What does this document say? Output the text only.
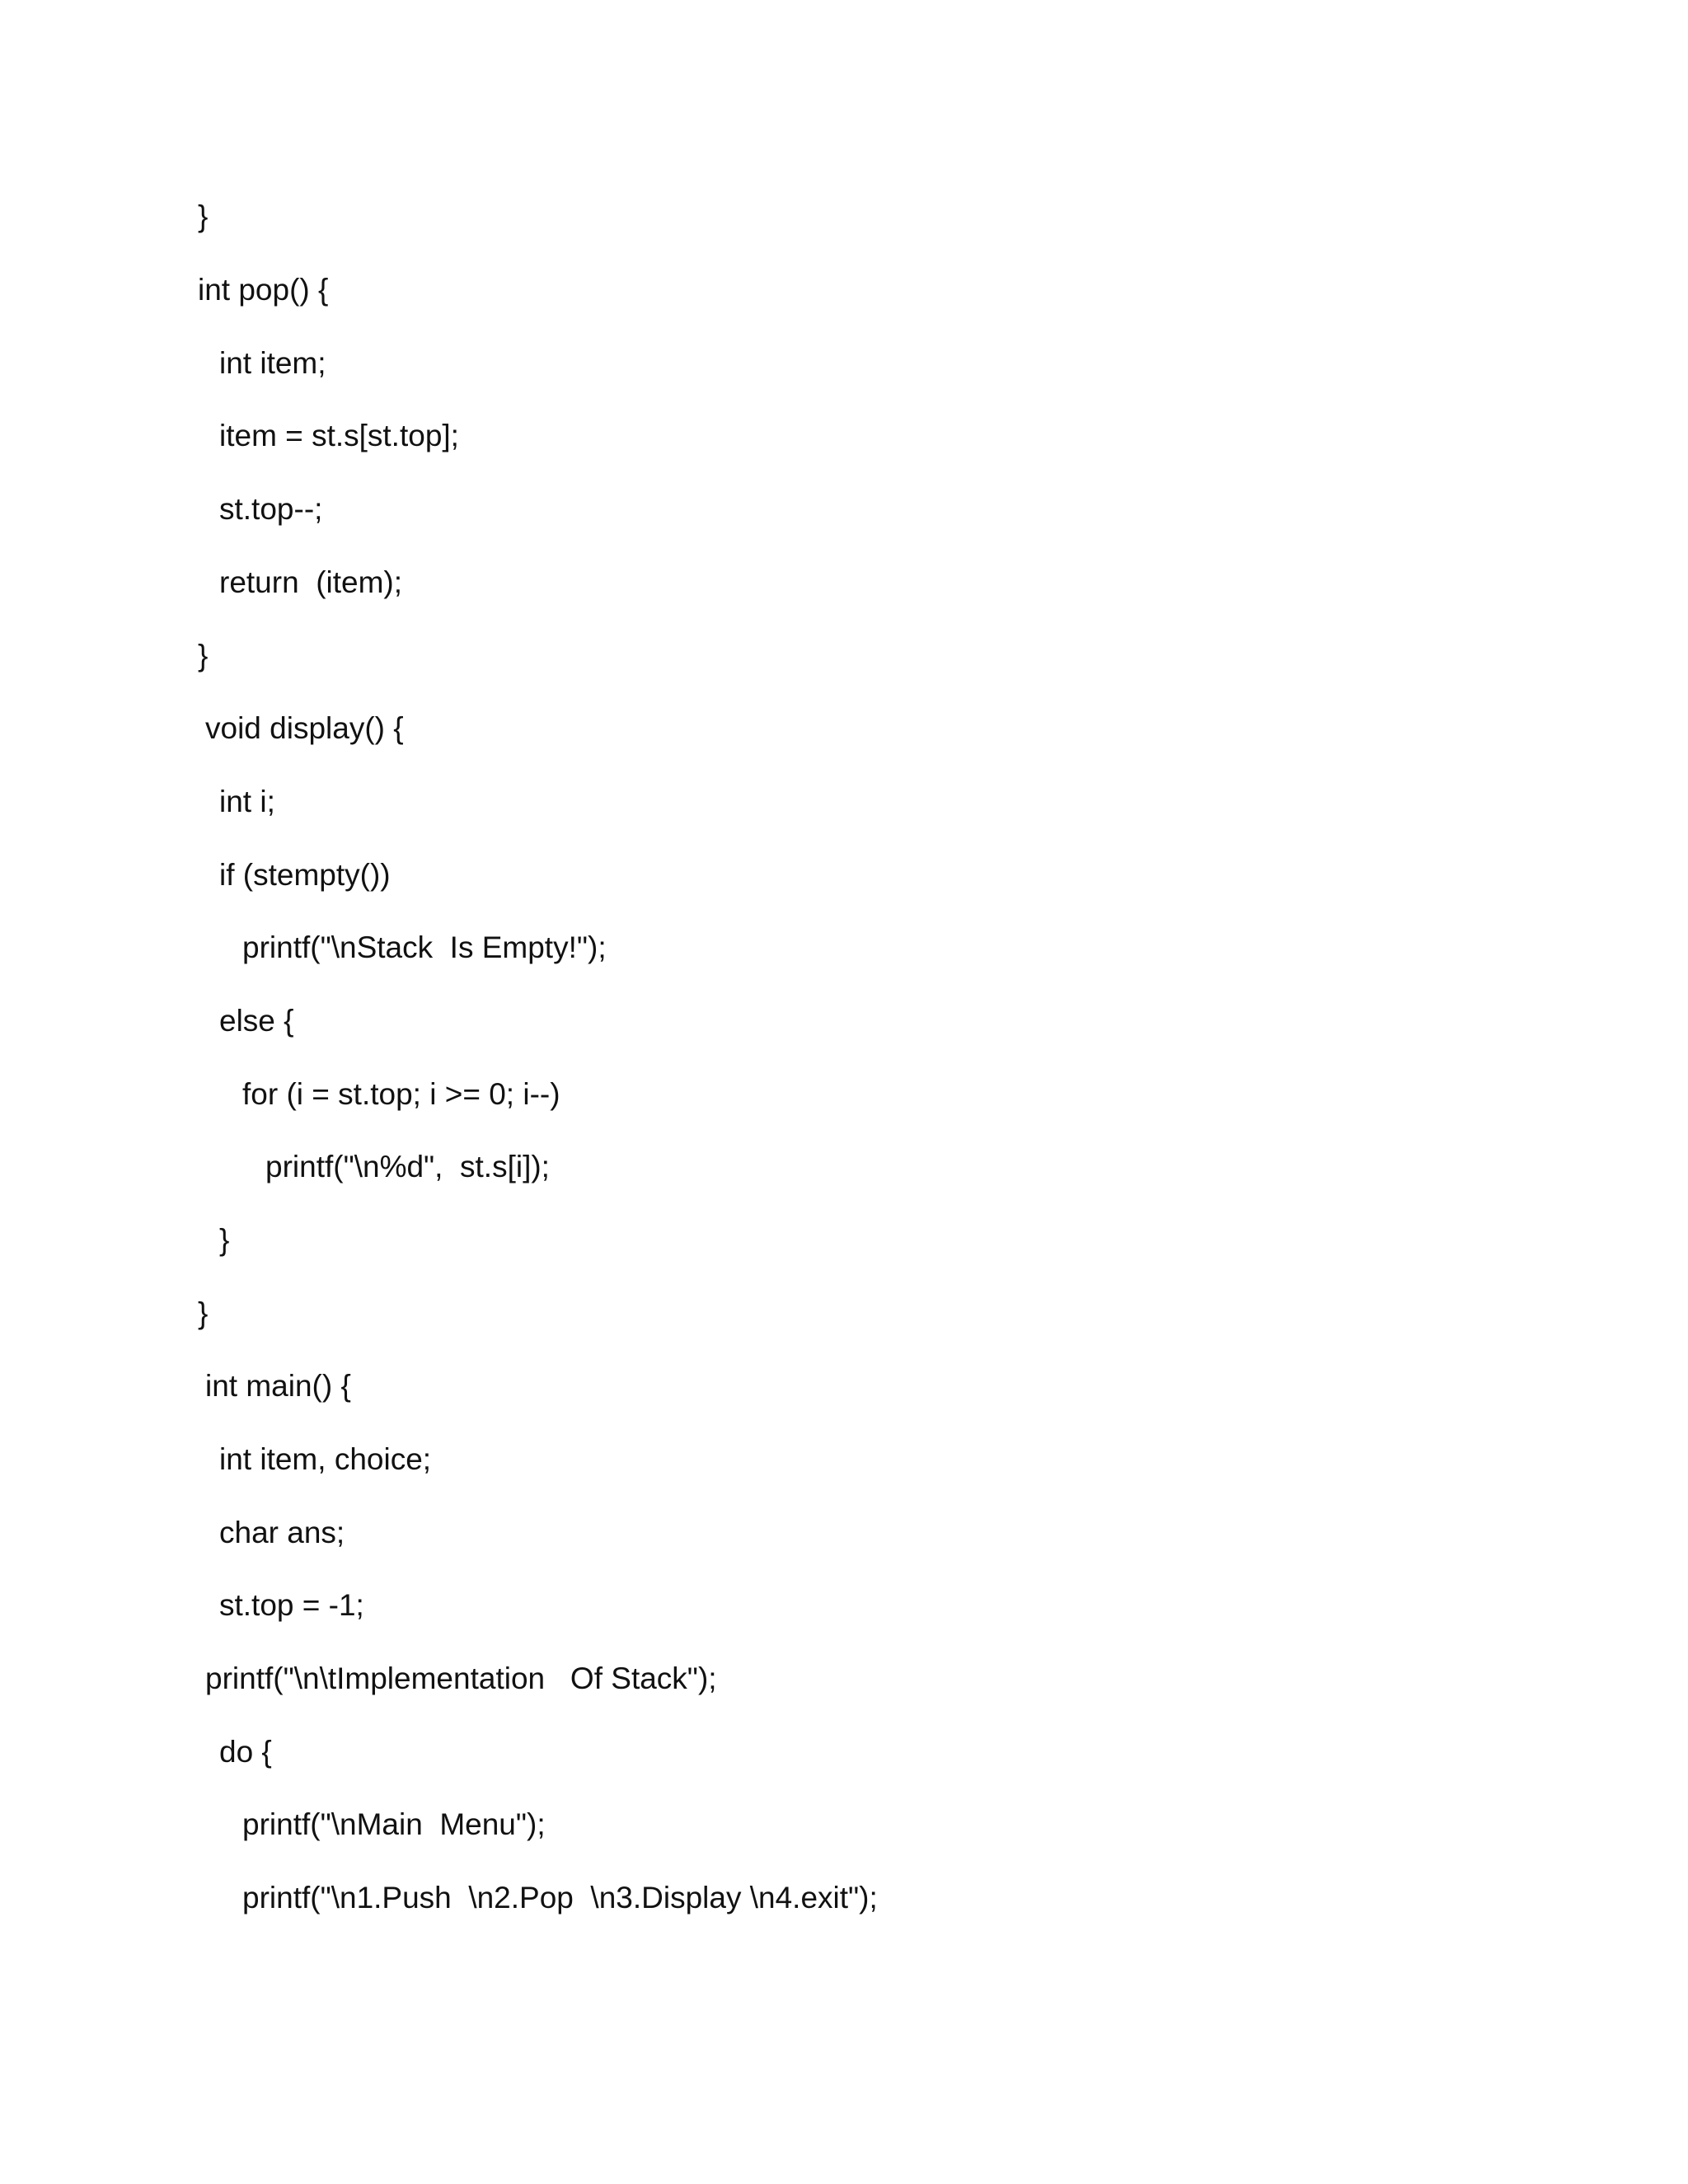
}

int pop() {

int item;

item = st.s[st.top];

st.top--;

return  (item);

}

void display() {

int i;

if (stempty())

printf("\nStack  Is Empty!");

else {

for (i = st.top; i >= 0; i--)

printf("\n%d",  st.s[i]);

}

}

int main() {

int item, choice;

char ans;

st.top = -1;

printf("\n\tImplementation   Of Stack");

do {

printf("\nMain  Menu");

printf("\n1.Push  \n2.Pop  \n3.Display \n4.exit");
